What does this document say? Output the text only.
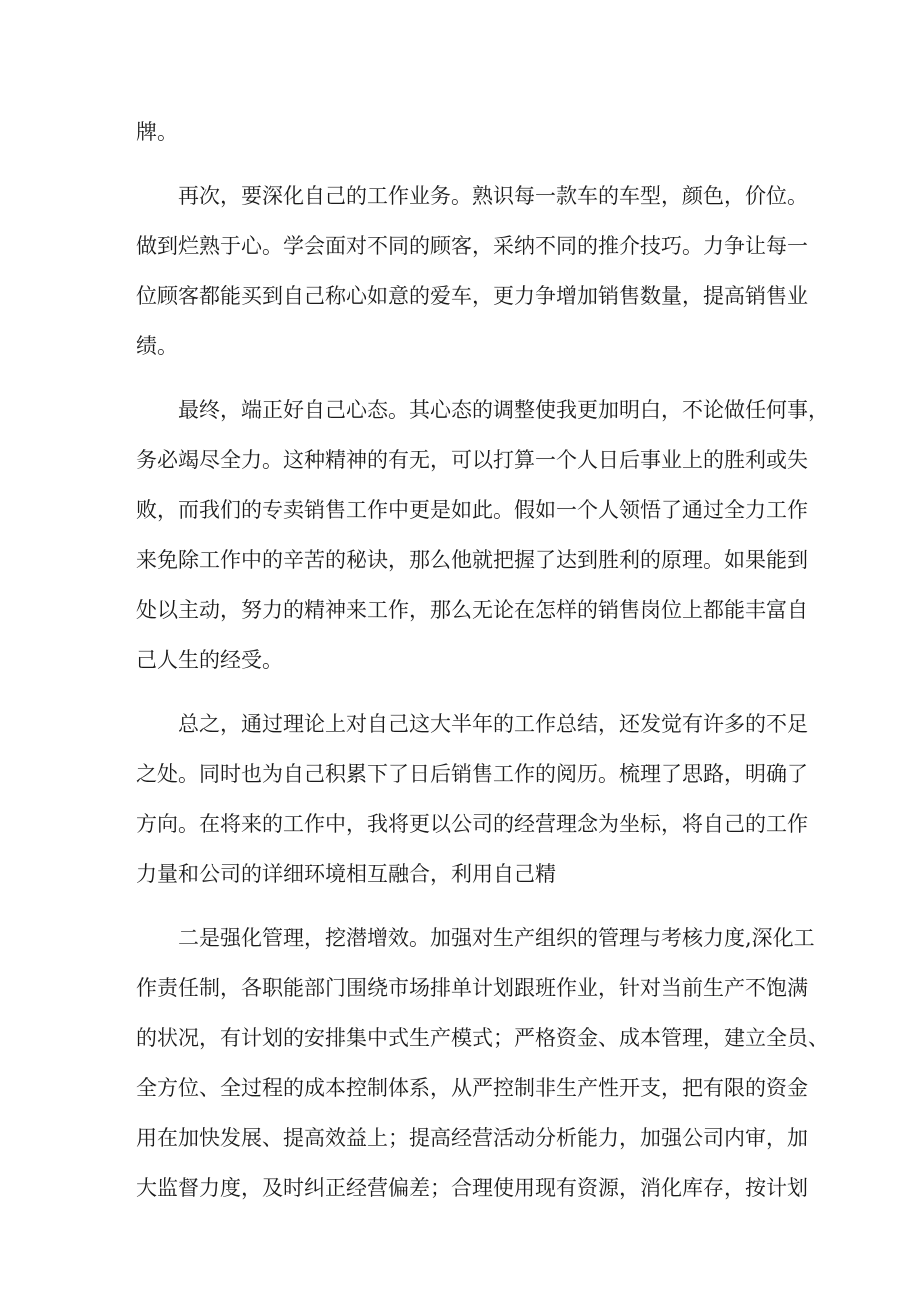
牌。
再次，要深化自己的工作业务。熟识每一款车的车型，颜色，价位。
做到烂熟于心。学会面对不同的顾客，采纳不同的推介技巧。力争让每一
位顾客都能买到自己称心如意的爱车，更力争增加销售数量，提高销售业
绩。
最终，端正好自己心态。其心态的调整使我更加明白，不论做任何事，
务必竭尽全力。这种精神的有无，可以打算一个人日后事业上的胜利或失
败，而我们的专卖销售工作中更是如此。假如一个人领悟了通过全力工作
来免除工作中的辛苦的秘诀，那么他就把握了达到胜利的原理。如果能到
处以主动，努力的精神来工作，那么无论在怎样的销售岗位上都能丰富自
己人生的经受。
总之，通过理论上对自己这大半年的工作总结，还发觉有许多的不足
之处。同时也为自己积累下了日后销售工作的阅历。梳理了思路，明确了
方向。在将来的工作中，我将更以公司的经营理念为坐标，将自己的工作
力量和公司的详细环境相互融合，利用自己精
二是强化管理，挖潜增效。加强对生产组织的管理与考核力度,深化工
作责任制，各职能部门围绕市场排单计划跟班作业，针对当前生产不饱满
的状况，有计划的安排集中式生产模式；严格资金、成本管理，建立全员、
全方位、全过程的成本控制体系，从严控制非生产性开支，把有限的资金
用在加快发展、提高效益上；提高经营活动分析能力，加强公司内审，加
大监督力度，及时纠正经营偏差；合理使用现有资源，消化库存，按计划
